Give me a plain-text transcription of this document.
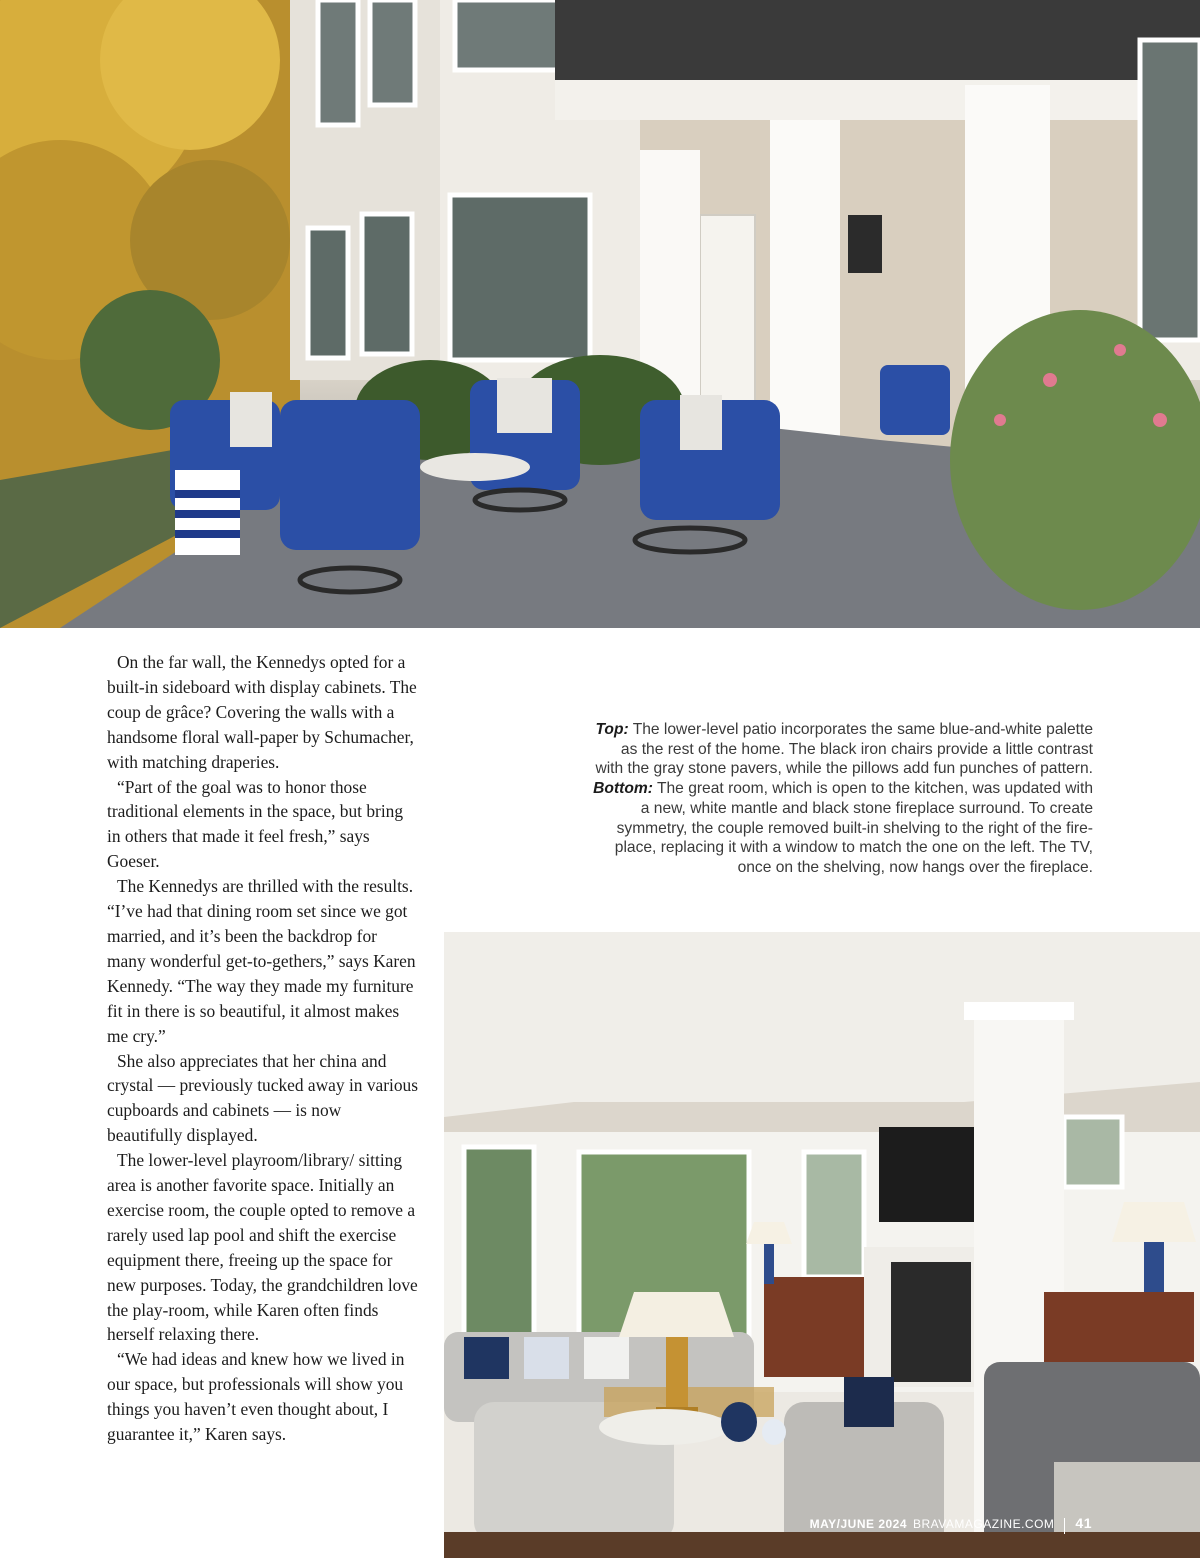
On the far wall, the Kennedys opted for a built-in sideboard with display cabinets. The coup de grâce? Covering the walls with a handsome floral wall-paper by Schumacher, with matching draperies.

“Part of the goal was to honor those traditional elements in the space, but bring in others that made it feel fresh,” says Goeser.

The Kennedys are thrilled with the results. “I’ve had that dining room set since we got married, and it’s been the backdrop for many wonderful get-to-gethers,” says Karen Kennedy. “The way they made my furniture fit in there is so beautiful, it almost makes me cry.”

She also appreciates that her china and crystal — previously tucked away in various cupboards and cabinets — is now beautifully displayed.

The lower-level playroom/library/ sitting area is another favorite space. Initially an exercise room, the couple opted to remove a rarely used lap pool and shift the exercise equipment there, freeing up the space for new purposes. Today, the grandchildren love the play-room, while Karen often finds herself relaxing there.

“We had ideas and knew how we lived in our space, but professionals will show you things you haven’t even thought about, I guarantee it,” Karen says.

Top: The lower-level patio incorporates the same blue-and-white palette as the rest of the home. The black iron chairs provide a little contrast with the gray stone pavers, while the pillows add fun punches of pattern. Bottom: The great room, which is open to the kitchen, was updated with a new, white mantle and black stone fireplace surround. To create symmetry, the couple removed built-in shelving to the right of the fire-place, replacing it with a window to match the one on the left. The TV, once on the shelving, now hangs over the fireplace.
MAY/JUNE 2024 BRAVAMAGAZINE.COM 41
